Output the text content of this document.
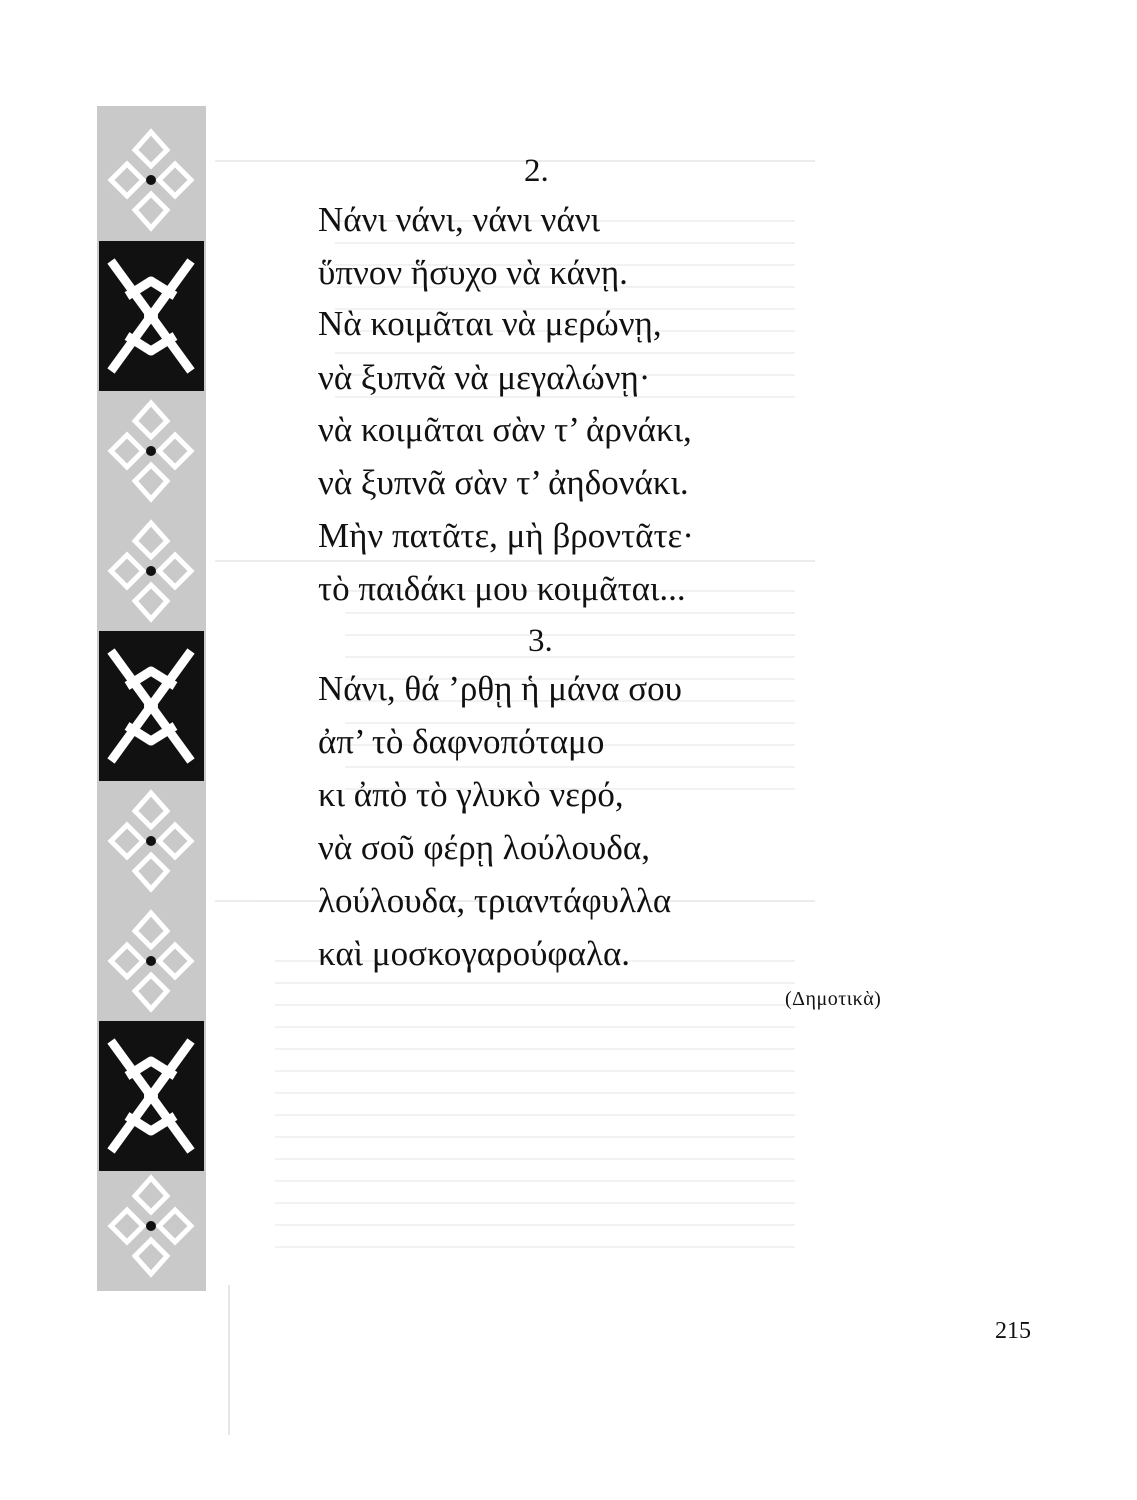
2.
Νάνι νάνι, νάνι νάνι
ὕπνον ἥσυχο νὰ κάνῃ.
Νὰ κοιμᾶται νὰ μερώνῃ,
νὰ ξυπνᾶ νὰ μεγαλώνῃ·
νὰ κοιμᾶται σὰν τ’ ἀρνάκι,
νὰ ξυπνᾶ σὰν τ’ ἀηδονάκι.
Μὴν πατᾶτε, μὴ βροντᾶτε·
τὸ παιδάκι μου κοιμᾶται...
3.
Νάνι, θά ’ρθῃ ἡ μάνα σου
ἀπ’ τὸ δαφνοπόταμο
κι ἀπὸ τὸ γλυκὸ νερό,
νὰ σοῦ φέρῃ λούλουδα,
λούλουδα, τριαντάφυλλα
καὶ μοσκογαρούφαλα.
(Δημοτικὰ)
215
